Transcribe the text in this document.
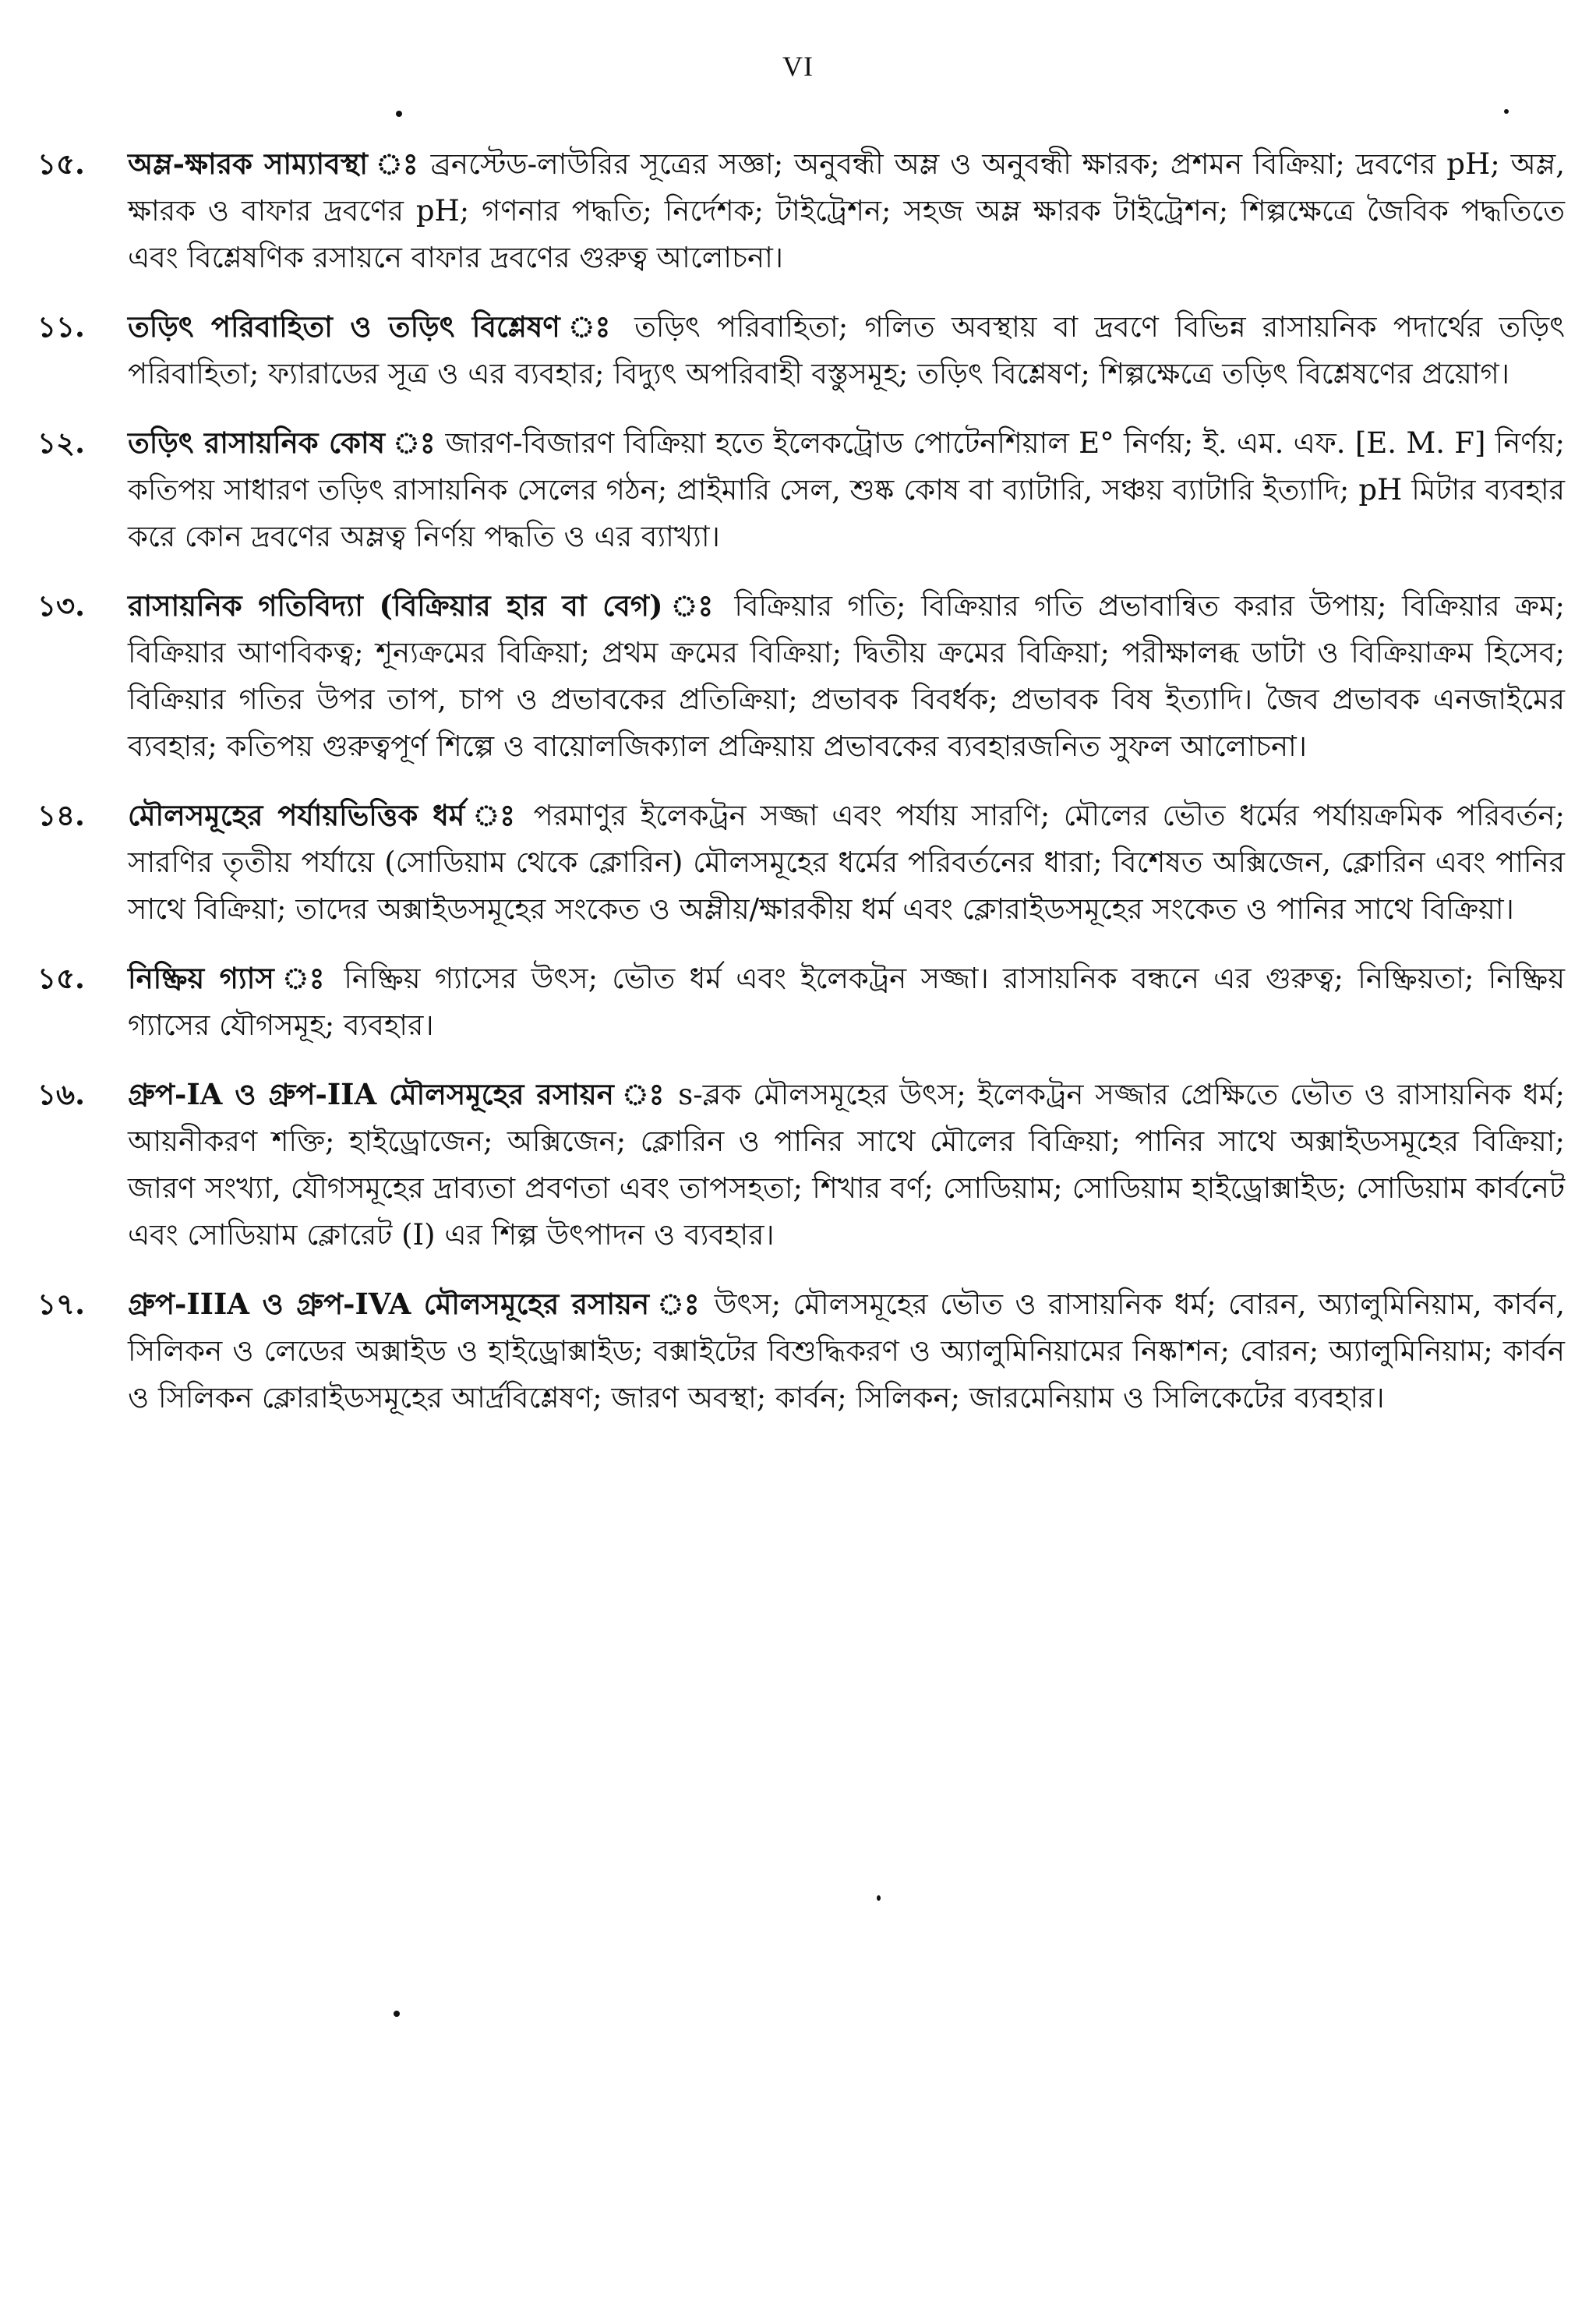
VI
১৫.	অম্ল-ক্ষারক সাম্যাবস্থা ঃ ব্রনস্টেড-লাউরির সূত্রের সজ্ঞা; অনুবন্ধী অম্ল ও অনুবন্ধী ক্ষারক; প্রশমন বিক্রিয়া; দ্রবণের pH; অম্ল, ক্ষারক ও বাফার দ্রবণের pH; গণনার পদ্ধতি; নির্দেশক; টাইট্রেশন; সহজ অম্ল ক্ষারক টাইট্রেশন; শিল্পক্ষেত্রে জৈবিক পদ্ধতিতে এবং বিশ্লেষণিক রসায়নে বাফার দ্রবণের গুরুত্ব আলোচনা।
১১.	তড়িৎ পরিবাহিতা ও তড়িৎ বিশ্লেষণ ঃ তড়িৎ পরিবাহিতা; গলিত অবস্থায় বা দ্রবণে বিভিন্ন রাসায়নিক পদার্থের তড়িৎ পরিবাহিতা; ফ্যারাডের সূত্র ও এর ব্যবহার; বিদ্যুৎ অপরিবাহী বস্তুসমূহ; তড়িৎ বিশ্লেষণ; শিল্পক্ষেত্রে তড়িৎ বিশ্লেষণের প্রয়োগ।
১২.	তড়িৎ রাসায়নিক কোষ ঃ জারণ-বিজারণ বিক্রিয়া হতে ইলেকট্রোড পোটেনশিয়াল E° নির্ণয়; ই. এম. এফ. [E. M. F] নির্ণয়; কতিপয় সাধারণ তড়িৎ রাসায়নিক সেলের গঠন; প্রাইমারি সেল, শুষ্ক কোষ বা ব্যাটারি, সঞ্চয় ব্যাটারি ইত্যাদি; pH মিটার ব্যবহার করে কোন দ্রবণের অম্লত্ব নির্ণয় পদ্ধতি ও এর ব্যাখ্যা।
১৩.	রাসায়নিক গতিবিদ্যা (বিক্রিয়ার হার বা বেগ) ঃ বিক্রিয়ার গতি; বিক্রিয়ার গতি প্রভাবান্বিত করার উপায়; বিক্রিয়ার ক্রম; বিক্রিয়ার আণবিকত্ব; শূন্যক্রমের বিক্রিয়া; প্রথম ক্রমের বিক্রিয়া; দ্বিতীয় ক্রমের বিক্রিয়া; পরীক্ষালব্ধ ডাটা ও বিক্রিয়াক্রম হিসেব; বিক্রিয়ার গতির উপর তাপ, চাপ ও প্রভাবকের প্রতিক্রিয়া; প্রভাবক বিবর্ধক; প্রভাবক বিষ ইত্যাদি। জৈব প্রভাবক এনজাইমের ব্যবহার; কতিপয় গুরুত্বপূর্ণ শিল্পে ও বায়োলজিক্যাল প্রক্রিয়ায় প্রভাবকের ব্যবহারজনিত সুফল আলোচনা।
১৪.	মৌলসমূহের পর্যায়ভিত্তিক ধর্ম ঃ পরমাণুর ইলেকট্রন সজ্জা এবং পর্যায় সারণি; মৌলের ভৌত ধর্মের পর্যায়ক্রমিক পরিবর্তন; সারণির তৃতীয় পর্যায়ে (সোডিয়াম থেকে ক্লোরিন) মৌলসমূহের ধর্মের পরিবর্তনের ধারা; বিশেষত অক্সিজেন, ক্লোরিন এবং পানির সাথে বিক্রিয়া; তাদের অক্সাইডসমূহের সংকেত ও অম্লীয়/ক্ষারকীয় ধর্ম এবং ক্লোরাইডসমূহের সংকেত ও পানির সাথে বিক্রিয়া।
১৫.	নিষ্ক্রিয় গ্যাস ঃ নিষ্ক্রিয় গ্যাসের উৎস; ভৌত ধর্ম এবং ইলেকট্রন সজ্জা। রাসায়নিক বন্ধনে এর গুরুত্ব; নিষ্ক্রিয়তা; নিষ্ক্রিয় গ্যাসের যৌগসমূহ; ব্যবহার।
১৬.	গ্রুপ-IA ও গ্রুপ-IIA মৌলসমূহের রসায়ন ঃ s-ব্লক মৌলসমূহের উৎস; ইলেকট্রন সজ্জার প্রেক্ষিতে ভৌত ও রাসায়নিক ধর্ম; আয়নীকরণ শক্তি; হাইড্রোজেন; অক্সিজেন; ক্লোরিন ও পানির সাথে মৌলের বিক্রিয়া; পানির সাথে অক্সাইডসমূহের বিক্রিয়া; জারণ সংখ্যা, যৌগসমূহের দ্রাব্যতা প্রবণতা এবং তাপসহতা; শিখার বর্ণ; সোডিয়াম; সোডিয়াম হাইড্রোক্সাইড; সোডিয়াম কার্বনেট এবং সোডিয়াম ক্লোরেট (I) এর শিল্প উৎপাদন ও ব্যবহার।
১৭.	গ্রুপ-IIIA ও গ্রুপ-IVA মৌলসমূহের রসায়ন ঃ উৎস; মৌলসমূহের ভৌত ও রাসায়নিক ধর্ম; বোরন, অ্যালুমিনিয়াম, কার্বন, সিলিকন ও লেডের অক্সাইড ও হাইড্রোক্সাইড; বক্সাইটের বিশুদ্ধিকরণ ও অ্যালুমিনিয়ামের নিষ্কাশন; বোরন; অ্যালুমিনিয়াম; কার্বন ও সিলিকন ক্লোরাইডসমূহের আর্দ্রবিশ্লেষণ; জারণ অবস্থা; কার্বন; সিলিকন; জারমেনিয়াম ও সিলিকেটের ব্যবহার।
